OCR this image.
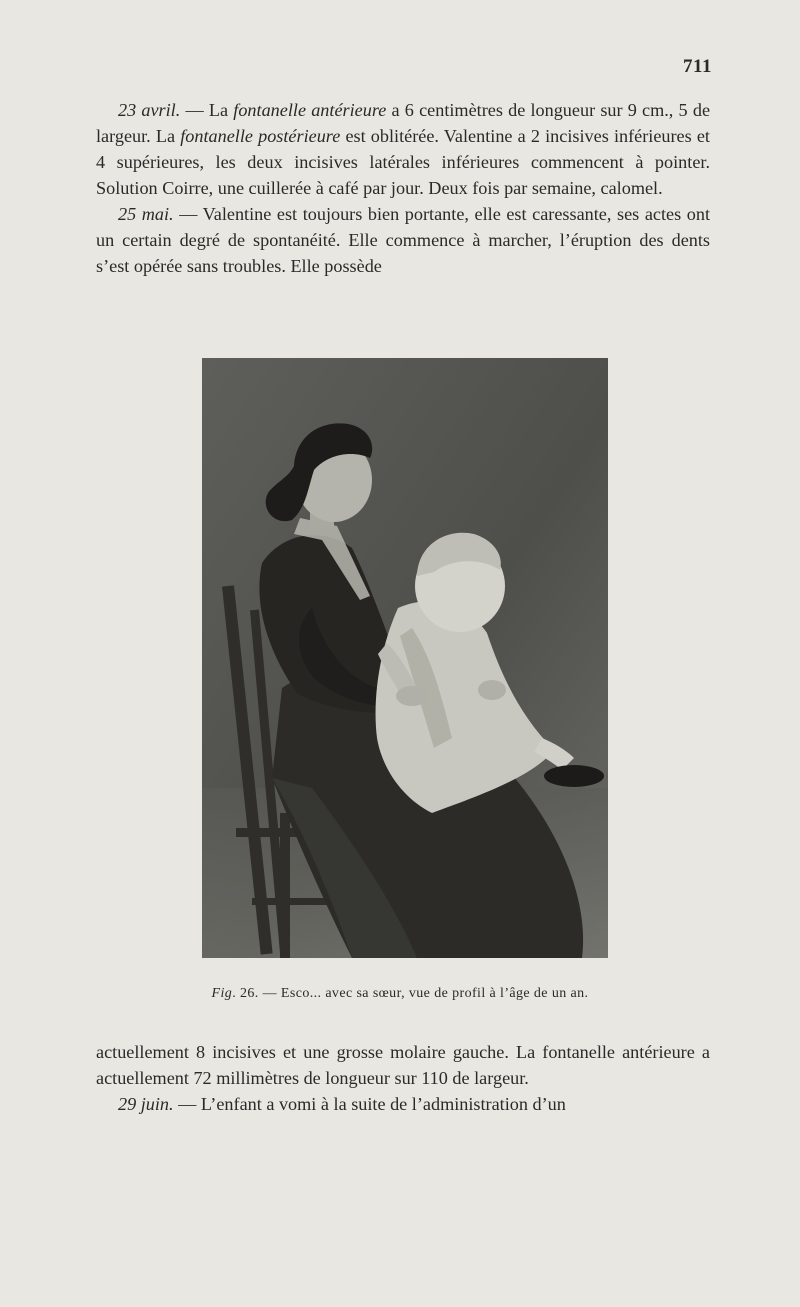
711

23 avril. — La fontanelle antérieure a 6 centimètres de longueur sur 9 cm., 5 de largeur. La fontanelle postérieure est oblitérée. Valentine a 2 incisives inférieures et 4 supérieures, les deux incisives latérales inférieures commencent à pointer. Solution Coirre, une cuillerée à café par jour. Deux fois par semaine, calomel.

25 mai. — Valentine est toujours bien portante, elle est caressante, ses actes ont un certain degré de spontanéité. Elle commence à marcher, l’éruption des dents s’est opérée sans troubles. Elle possède

Fig. 26. — Esco... avec sa sœur, vue de profil à l’âge de un an.

actuellement 8 incisives et une grosse molaire gauche. La fontanelle antérieure a actuellement 72 millimètres de longueur sur 110 de largeur.

29 juin. — L’enfant a vomi à la suite de l’administration d’un
